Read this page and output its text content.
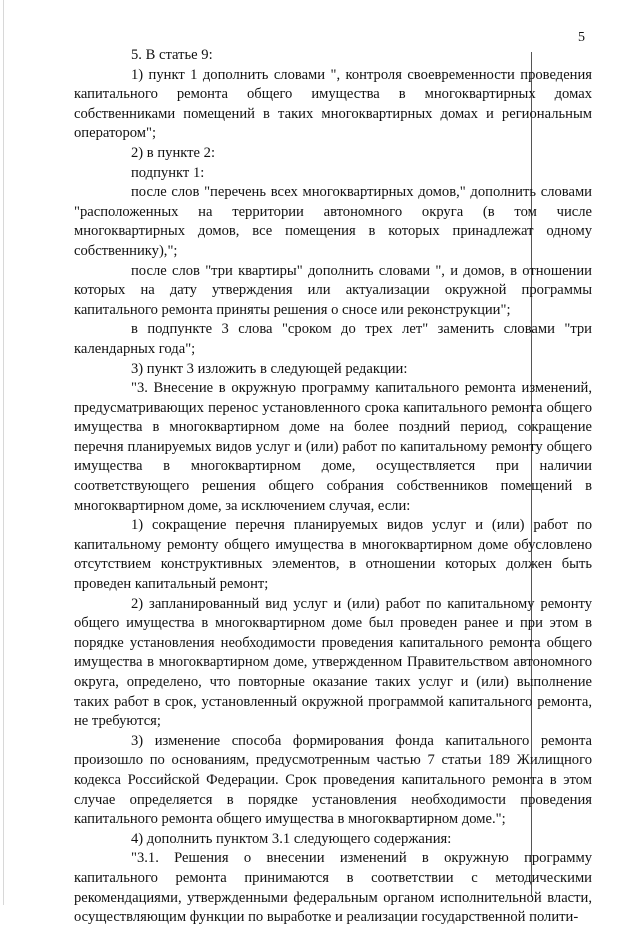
5

5. В статье 9:

1) пункт 1 дополнить словами ", контроля своевременности проведения капитального ремонта общего имущества в многоквартирных домах собственниками помещений в таких многоквартирных домах и региональным оператором";

2) в пункте 2:

подпункт 1:

после слов "перечень всех многоквартирных домов," дополнить словами "расположенных на территории автономного округа (в том числе многоквартирных домов, все помещения в которых принадлежат одному собственнику),";

после слов "три квартиры" дополнить словами ", и домов, в отношении которых на дату утверждения или актуализации окружной программы капитального ремонта приняты решения о сносе или реконструкции";

в подпункте 3 слова "сроком до трех лет" заменить словами "три календарных года";

3) пункт 3 изложить в следующей редакции:

"3. Внесение в окружную программу капитального ремонта изменений, предусматривающих перенос установленного срока капитального ремонта общего имущества в многоквартирном доме на более поздний период, сокращение перечня планируемых видов услуг и (или) работ по капитальному ремонту общего имущества в многоквартирном доме, осуществляется при наличии соответствующего решения общего собрания собственников помещений в многоквартирном доме, за исключением случая, если:

1) сокращение перечня планируемых видов услуг и (или) работ по капитальному ремонту общего имущества в многоквартирном доме обусловлено отсутствием конструктивных элементов, в отношении которых должен быть проведен капитальный ремонт;

2) запланированный вид услуг и (или) работ по капитальному ремонту общего имущества в многоквартирном доме был проведен ранее и при этом в порядке установления необходимости проведения капитального ремонта общего имущества в многоквартирном доме, утвержденном Правительством автономного округа, определено, что повторные оказание таких услуг и (или) выполнение таких работ в срок, установленный окружной программой капитального ремонта, не требуются;

3) изменение способа формирования фонда капитального ремонта произошло по основаниям, предусмотренным частью 7 статьи 189 Жилищного кодекса Российской Федерации. Срок проведения капитального ремонта в этом случае определяется в порядке установления необходимости проведения капитального ремонта общего имущества в многоквартирном доме.";

4) дополнить пунктом 3.1 следующего содержания:

"3.1. Решения о внесении изменений в окружную программу капитального ремонта принимаются в соответствии с методическими рекомендациями, утвержденными федеральным органом исполнительной власти, осуществляющим функции по выработке и реализации государственной полити-
